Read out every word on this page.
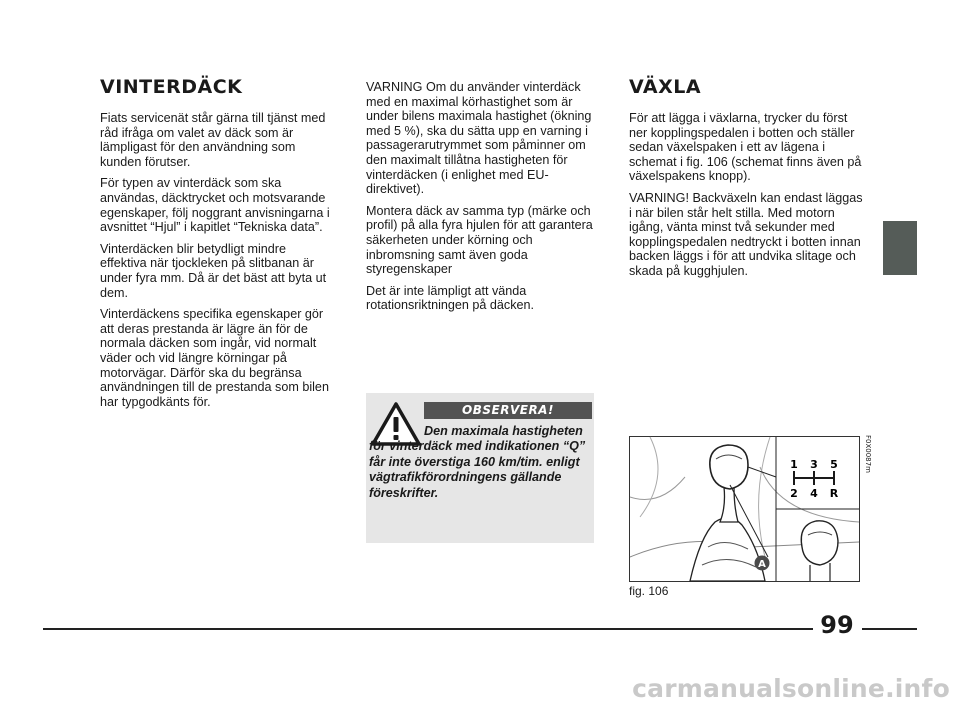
VINTERDÄCK

Fiats servicenät står gärna till tjänst med råd ifråga om valet av däck som är lämpligast för den användning som kunden förutser.

För typen av vinterdäck som ska användas, däcktrycket och motsvarande egenskaper, följ noggrant anvisningarna i avsnittet “Hjul” i kapitlet “Tekniska data”.

Vinterdäcken blir betydligt mindre effektiva när tjockleken på slitbanan är under fyra mm. Då är det bäst att byta ut dem.

Vinterdäckens specifika egenskaper gör att deras prestanda är lägre än för de normala däcken som ingår, vid normalt väder och vid längre körningar på motorvägar. Därför ska du begränsa användningen till de prestanda som bilen har typgodkänts för.

VARNING Om du använder vinterdäck med en maximal körhastighet som är under bilens maximala hastighet (ökning med 5 %), ska du sätta upp en varning i passagerarutrymmet som påminner om den maximalt tillåtna hastigheten för vinterdäcken (i enlighet med EU-direktivet).

Montera däck av samma typ (märke och profil) på alla fyra hjulen för att garantera säkerheten under körning och inbromsning samt även goda styregenskaper

Det är inte lämpligt att vända rotationsriktningen på däcken.

OBSERVERA!
Den maximala hastigheten för vinterdäck med indikationen “Q” får inte överstiga 160 km/tim. enligt vägtrafikförordningens gällande föreskrifter.
VÄXLA

För att lägga i växlarna, trycker du först ner kopplingspedalen i botten och ställer sedan växelspaken i ett av lägena i schemat i fig. 106 (schemat finns även på växelspakens knopp).

VARNING! Backväxeln kan endast läggas i när bilen står helt stilla. Med motorn igång, vänta minst två sekunder med kopplingspedalen nedtryckt i botten innan backen läggs i för att undvika slitage och skada på kugghjulen.

1 3 5
2 4 R
A
F0X0087m
fig. 106
99
carmanualsonline.info
